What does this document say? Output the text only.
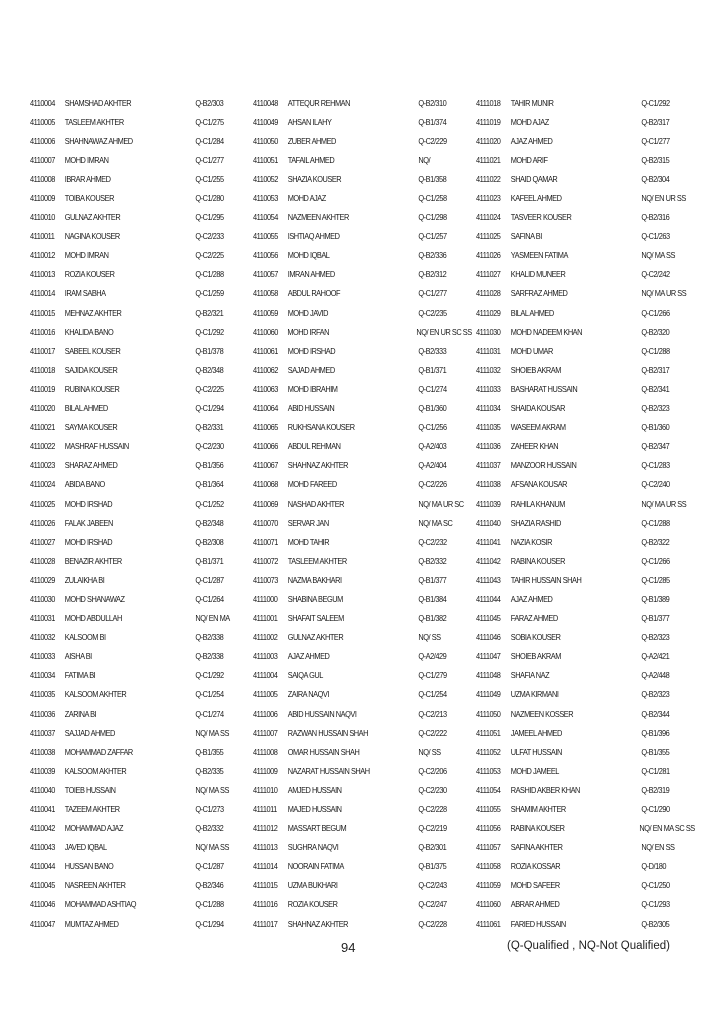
4110004	SHAMSHAD AKHTER	Q-B2/303
4110005	TASLEEM AKHTER	Q-C1/275
4110006	SHAHNAWAZ AHMED	Q-C1/284
4110007	MOHD IMRAN	Q-C1/277
4110008	IBRAR AHMED	Q-C1/255
4110009	TOIBA KOUSER	Q-C1/280
4110010	GULNAZ AKHTER	Q-C1/295
4110011	NAGINA KOUSER	Q-C2/233
4110012	MOHD IMRAN	Q-C2/225
4110013	ROZIA KOUSER	Q-C1/288
4110014	IRAM SABHA	Q-C1/259
4110015	MEHNAZ AKHTER	Q-B2/321
4110016	KHALIDA BANO	Q-C1/292
4110017	SABEEL KOUSER	Q-B1/378
4110018	SAJIDA KOUSER	Q-B2/348
4110019	RUBINA KOUSER	Q-C2/225
4110020	BILAL AHMED	Q-C1/294
4110021	SAYMA KOUSER	Q-B2/331
4110022	MASHRAF HUSSAIN	Q-C2/230
4110023	SHARAZ AHMED	Q-B1/356
4110024	ABIDA BANO	Q-B1/364
4110025	MOHD IRSHAD	Q-C1/252
4110026	FALAK JABEEN	Q-B2/348
4110027	MOHD IRSHAD	Q-B2/308
4110028	BENAZIR AKHTER	Q-B1/371
4110029	ZULAIKHA BI	Q-C1/287
4110030	MOHD SHANAWAZ	Q-C1/264
4110031	MOHD ABDULLAH	NQ/ EN MA
4110032	KALSOOM BI	Q-B2/338
4110033	AISHA BI	Q-B2/338
4110034	FATIMA BI	Q-C1/292
4110035	KALSOOM AKHTER	Q-C1/254
4110036	ZARINA BI	Q-C1/274
4110037	SAJJAD AHMED	NQ/ MA SS
4110038	MOHAMMAD ZAFFAR	Q-B1/355
4110039	KALSOOM AKHTER	Q-B2/335
4110040	TOIEB HUSSAIN	NQ/ MA SS
4110041	TAZEEM AKHTER	Q-C1/273
4110042	MOHAMMAD AJAZ	Q-B2/332
4110043	JAVED IQBAL	NQ/ MA SS
4110044	HUSSAN BANO	Q-C1/287
4110045	NASREEN AKHTER	Q-B2/346
4110046	MOHAMMAD ASHTIAQ	Q-C1/288
4110047	MUMTAZ AHMED	Q-C1/294
4110048	ATTEQUR REHMAN	Q-B2/310
4110049	AHSAN ILAHY	Q-B1/374
4110050	ZUBER AHMED	Q-C2/229
4110051	TAFAIL AHMED	NQ/
4110052	SHAZIA KOUSER	Q-B1/358
4110053	MOHD AJAZ	Q-C1/258
4110054	NAZMEEN AKHTER	Q-C1/298
4110055	ISHTIAQ AHMED	Q-C1/257
4110056	MOHD IQBAL	Q-B2/336
4110057	IMRAN AHMED	Q-B2/312
4110058	ABDUL RAHOOF	Q-C1/277
4110059	MOHD JAVID	Q-C2/235
4110060	MOHD IRFAN	NQ/ EN UR SC SS
4110061	MOHD IRSHAD	Q-B2/333
4110062	SAJAD AHMED	Q-B1/371
4110063	MOHD IBRAHIM	Q-C1/274
4110064	ABID HUSSAIN	Q-B1/360
4110065	RUKHSANA KOUSER	Q-C1/256
4110066	ABDUL REHMAN	Q-A2/403
4110067	SHAHNAZ AKHTER	Q-A2/404
4110068	MOHD FAREED	Q-C2/226
4110069	NASHAD AKHTER	NQ/ MA UR SC
4110070	SERVAR JAN	NQ/ MA SC
4110071	MOHD TAHIR	Q-C2/232
4110072	TASLEEM AKHTER	Q-B2/332
4110073	NAZMA BAKHARI	Q-B1/377
4111000	SHABINA BEGUM	Q-B1/384
4111001	SHAFAIT SALEEM	Q-B1/382
4111002	GULNAZ AKHTER	NQ/ SS
4111003	AJAZ AHMED	Q-A2/429
4111004	SAIQA GUL	Q-C1/279
4111005	ZAIRA NAQVI	Q-C1/254
4111006	ABID HUSSAIN NAQVI	Q-C2/213
4111007	RAZWAN HUSSAIN SHAH	Q-C2/222
4111008	OMAR HUSSAIN SHAH	NQ/ SS
4111009	NAZARAT HUSSAIN SHAH	Q-C2/206
4111010	AMJED HUSSAIN	Q-C2/230
4111011	MAJED HUSSAIN	Q-C2/228
4111012	MASSART BEGUM	Q-C2/219
4111013	SUGHRA NAQVI	Q-B2/301
4111014	NOORAIN FATIMA	Q-B1/375
4111015	UZMA BUKHARI	Q-C2/243
4111016	ROZIA KOUSER	Q-C2/247
4111017	SHAHNAZ AKHTER	Q-C2/228
4111018	TAHIR MUNIR	Q-C1/292
4111019	MOHD AJAZ	Q-B2/317
4111020	AJAZ AHMED	Q-C1/277
4111021	MOHD ARIF	Q-B2/315
4111022	SHAID QAMAR	Q-B2/304
4111023	KAFEEL AHMED	NQ/ EN UR SS
4111024	TASVEER KOUSER	Q-B2/316
4111025	SAFINA BI	Q-C1/263
4111026	YASMEEN FATIMA	NQ/ MA SS
4111027	KHALID MUNEER	Q-C2/242
4111028	SARFRAZ AHMED	NQ/ MA UR SS
4111029	BILAL AHMED	Q-C1/266
4111030	MOHD NADEEM KHAN	Q-B2/320
4111031	MOHD UMAR	Q-C1/288
4111032	SHOIEB AKRAM	Q-B2/317
4111033	BASHARAT HUSSAIN	Q-B2/341
4111034	SHAIDA KOUSAR	Q-B2/323
4111035	WASEEM AKRAM	Q-B1/360
4111036	ZAHEER KHAN	Q-B2/347
4111037	MANZOOR HUSSAIN	Q-C1/283
4111038	AFSANA KOUSAR	Q-C2/240
4111039	RAHILA KHANUM	NQ/ MA UR SS
4111040	SHAZIA RASHID	Q-C1/288
4111041	NAZIA KOSIR	Q-B2/322
4111042	RABINA KOUSER	Q-C1/266
4111043	TAHIR HUSSAIN SHAH	Q-C1/285
4111044	AJAZ AHMED	Q-B1/389
4111045	FARAZ AHMED	Q-B1/377
4111046	SOBIA KOUSER	Q-B2/323
4111047	SHOIEB AKRAM	Q-A2/421
4111048	SHAFIA NAZ	Q-A2/448
4111049	UZMA KIRMANI	Q-B2/323
4111050	NAZMEEN KOSSER	Q-B2/344
4111051	JAMEEL AHMED	Q-B1/396
4111052	ULFAT HUSSAIN	Q-B1/355
4111053	MOHD JAMEEL	Q-C1/281
4111054	RASHID AKBER KHAN	Q-B2/319
4111055	SHAMIM AKHTER	Q-C1/290
4111056	RABINA KOUSER	NQ/ EN MA SC SS
4111057	SAFINA AKHTER	NQ/ EN SS
4111058	ROZIA KOSSAR	Q-D/180
4111059	MOHD SAFEER	Q-C1/250
4111060	ABRAR AHMED	Q-C1/293
4111061	FARIED HUSSAIN	Q-B2/305
94	(Q-Qualified , NQ-Not Qualified)
